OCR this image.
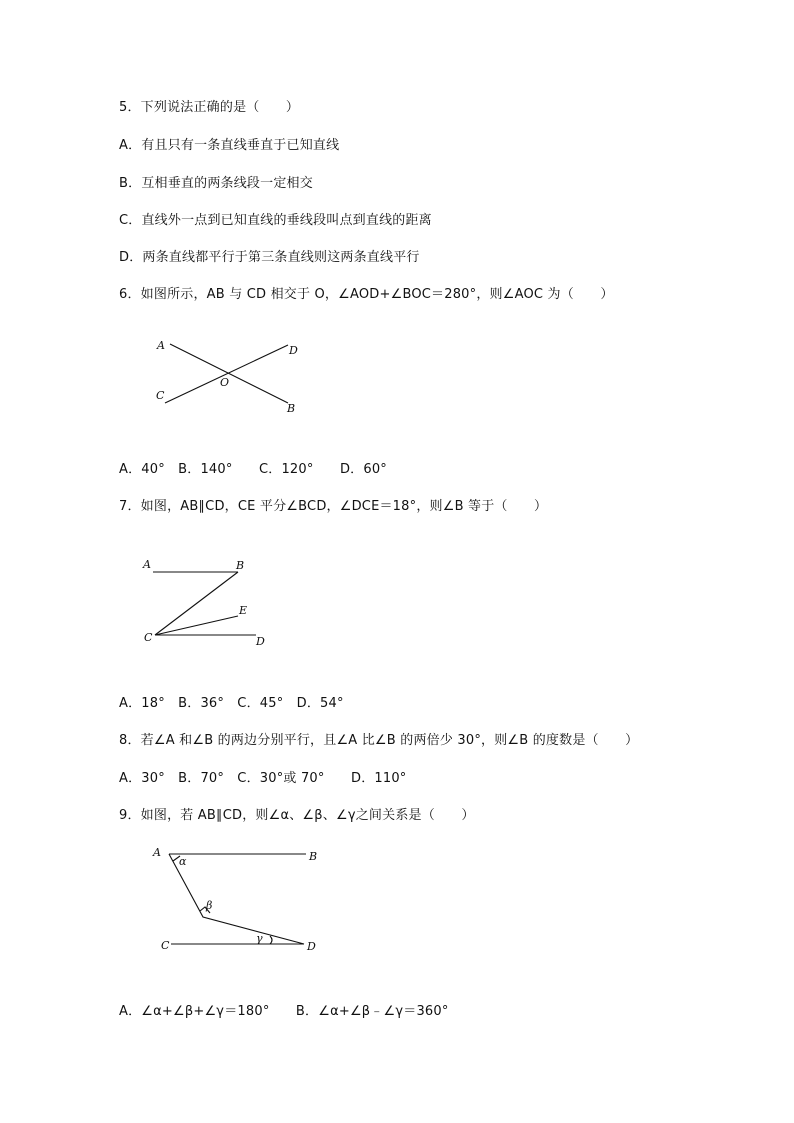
5．下列说法正确的是（　　）
A．有且只有一条直线垂直于已知直线
B．互相垂直的两条线段一定相交
C．直线外一点到已知直线的垂线段叫点到直线的距离
D．两条直线都平行于第三条直线则这两条直线平行
6．如图所示，AB 与 CD 相交于 O，∠AOD+∠BOC＝280°，则∠AOC 为（　　）
A	D
O
C
B
A．40°　B．140°　　C．120°　　D．60°
7．如图，AB∥CD，CE 平分∠BCD，∠DCE＝18°，则∠B 等于（　　）
A	B
E
C	D
A．18°　B．36°　C．45°　D．54°
8．若∠A 和∠B 的两边分别平行，且∠A 比∠B 的两倍少 30°，则∠B 的度数是（　　）
A．30°　B．70°　C．30°或 70°　　D．110°
9．如图，若 AB∥CD，则∠α、∠β、∠γ之间关系是（　　）
A
α	B
β
γ
C	D
A．∠α+∠β+∠γ＝180°　　B．∠α+∠β﹣∠γ＝360°
